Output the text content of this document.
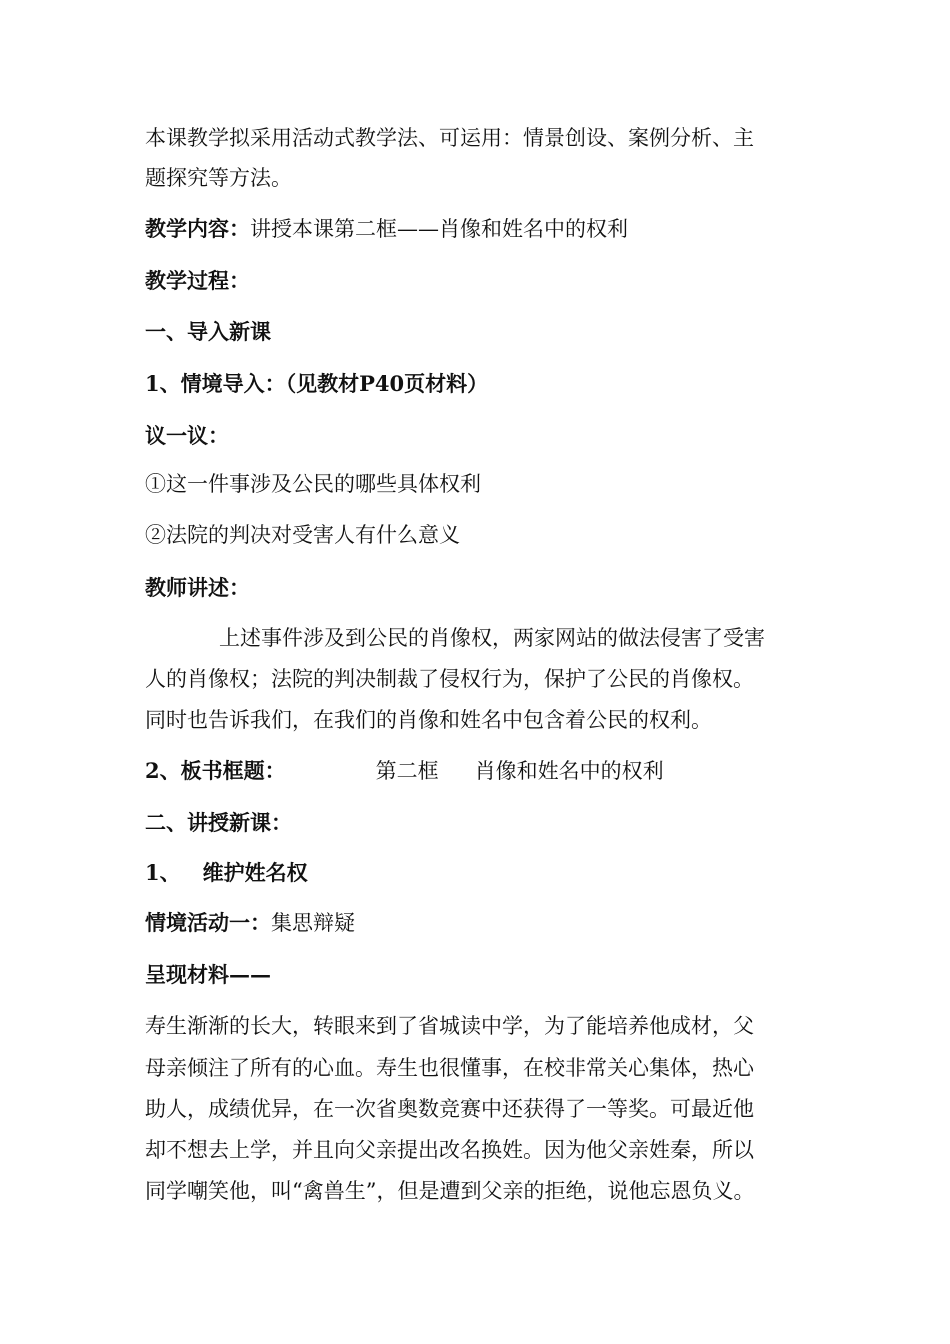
本课教学拟采用活动式教学法、可运用：情景创设、案例分析、主
题探究等方法。
教学内容：讲授本课第二框——肖像和姓名中的权利
教学过程：
一、导入新课
1、情境导入：（见教材P40页材料）
议一议：
①这一件事涉及公民的哪些具体权利
②法院的判决对受害人有什么意义
教师讲述：
上述事件涉及到公民的肖像权，两家网站的做法侵害了受害
人的肖像权；法院的判决制裁了侵权行为，保护了公民的肖像权。
同时也告诉我们，在我们的肖像和姓名中包含着公民的权利。
2、板书框题：	第二框 肖像和姓名中的权利
二、讲授新课：
1、 维护姓名权
情境活动一：集思辩疑
呈现材料——
寿生渐渐的长大，转眼来到了省城读中学，为了能培养他成材，父
母亲倾注了所有的心血。寿生也很懂事，在校非常关心集体，热心
助人，成绩优异，在一次省奥数竞赛中还获得了一等奖。可最近他
却不想去上学，并且向父亲提出改名换姓。因为他父亲姓秦，所以
同学嘲笑他，叫“禽兽生”，但是遭到父亲的拒绝，说他忘恩负义。
